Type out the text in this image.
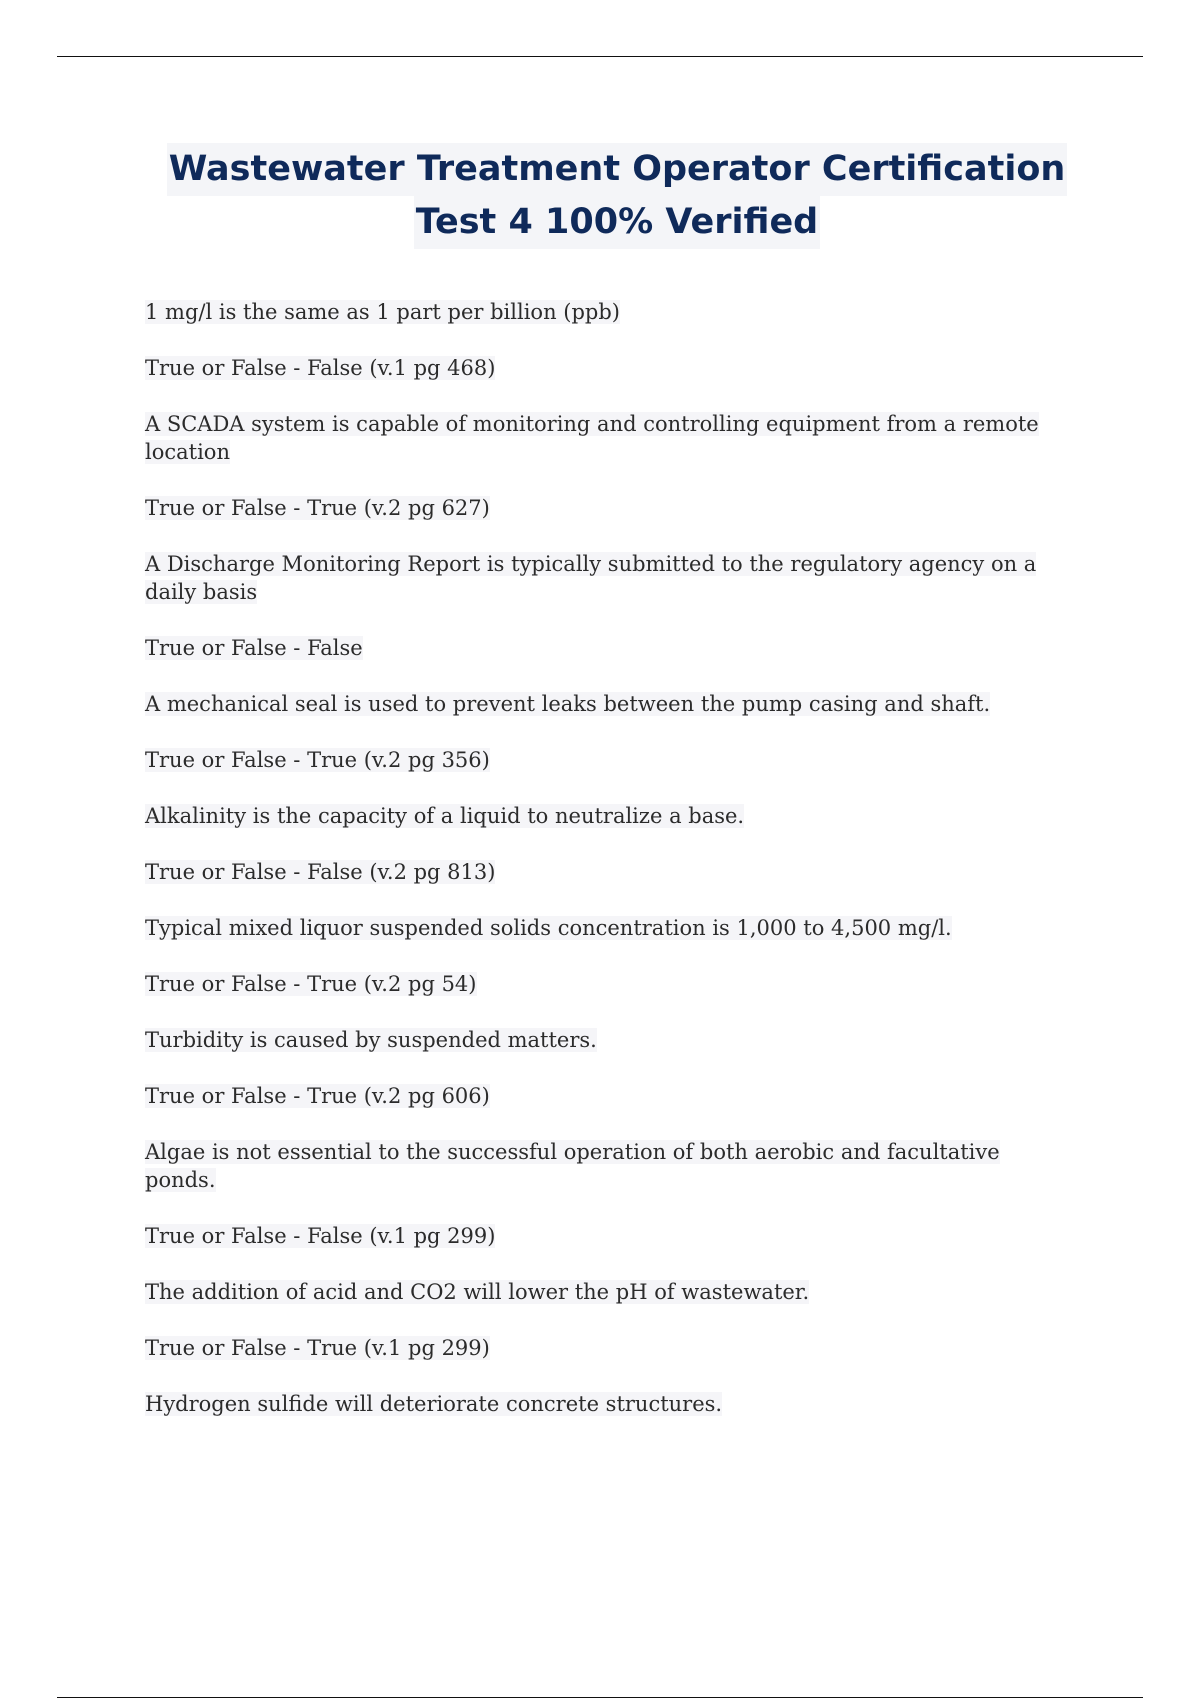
Wastewater Treatment Operator Certification
Test 4 100% Verified
1 mg/l is the same as 1 part per billion (ppb)
True or False - False (v.1 pg 468)
A SCADA system is capable of monitoring and controlling equipment from a remote location
True or False - True (v.2 pg 627)
A Discharge Monitoring Report is typically submitted to the regulatory agency on a daily basis
True or False - False
A mechanical seal is used to prevent leaks between the pump casing and shaft.
True or False - True (v.2 pg 356)
Alkalinity is the capacity of a liquid to neutralize a base.
True or False - False (v.2 pg 813)
Typical mixed liquor suspended solids concentration is 1,000 to 4,500 mg/l.
True or False - True (v.2 pg 54)
Turbidity is caused by suspended matters.
True or False - True (v.2 pg 606)
Algae is not essential to the successful operation of both aerobic and facultative ponds.
True or False - False (v.1 pg 299)
The addition of acid and CO2 will lower the pH of wastewater.
True or False - True (v.1 pg 299)
Hydrogen sulfide will deteriorate concrete structures.
